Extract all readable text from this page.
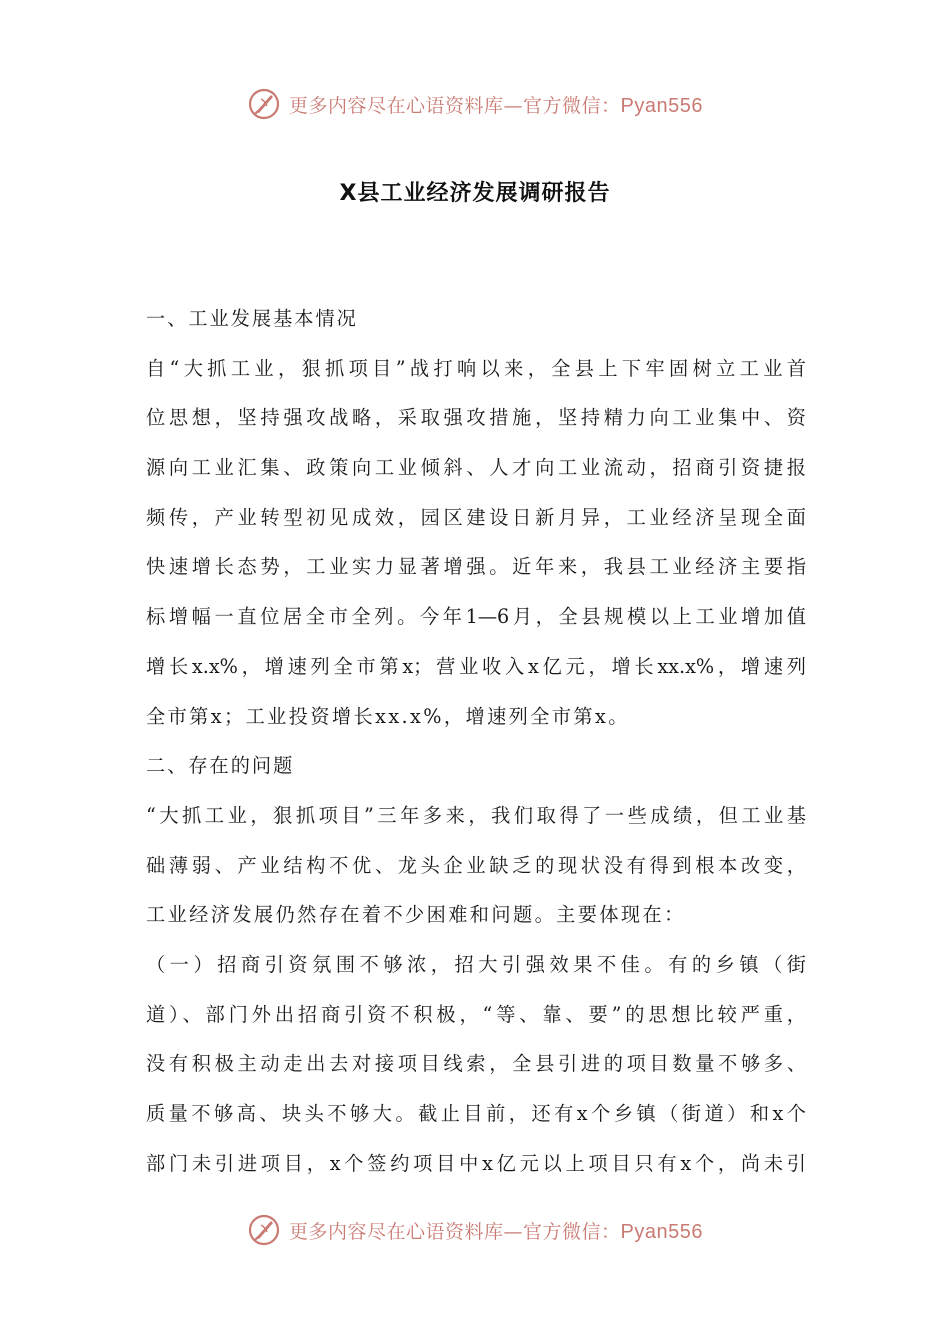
更多内容尽在心语资料库—官方微信：Pyan556
X县工业经济发展调研报告
一、工业发展基本情况
自“大抓工业，狠抓项目”战打响以来，全县上下牢固树立工业首
位思想，坚持强攻战略，采取强攻措施，坚持精力向工业集中、资
源向工业汇集、政策向工业倾斜、人才向工业流动，招商引资捷报
频传，产业转型初见成效，园区建设日新月异，工业经济呈现全面
快速增长态势，工业实力显著增强。近年来，我县工业经济主要指
标增幅一直位居全市全列。今年1—6月，全县规模以上工业增加值
增长x.x%，增速列全市第x；营业收入x亿元，增长xx.x%，增速列
全市第x；工业投资增长xx.x%，增速列全市第x。
二、存在的问题
“大抓工业，狠抓项目”三年多来，我们取得了一些成绩，但工业基
础薄弱、产业结构不优、龙头企业缺乏的现状没有得到根本改变，
工业经济发展仍然存在着不少困难和问题。主要体现在：
（一）招商引资氛围不够浓，招大引强效果不佳。有的乡镇（街
道）、部门外出招商引资不积极，“等、靠、要”的思想比较严重，
没有积极主动走出去对接项目线索，全县引进的项目数量不够多、
质量不够高、块头不够大。截止目前，还有x个乡镇（街道）和x个
部门未引进项目，x个签约项目中x亿元以上项目只有x个，尚未引
更多内容尽在心语资料库—官方微信：Pyan556
